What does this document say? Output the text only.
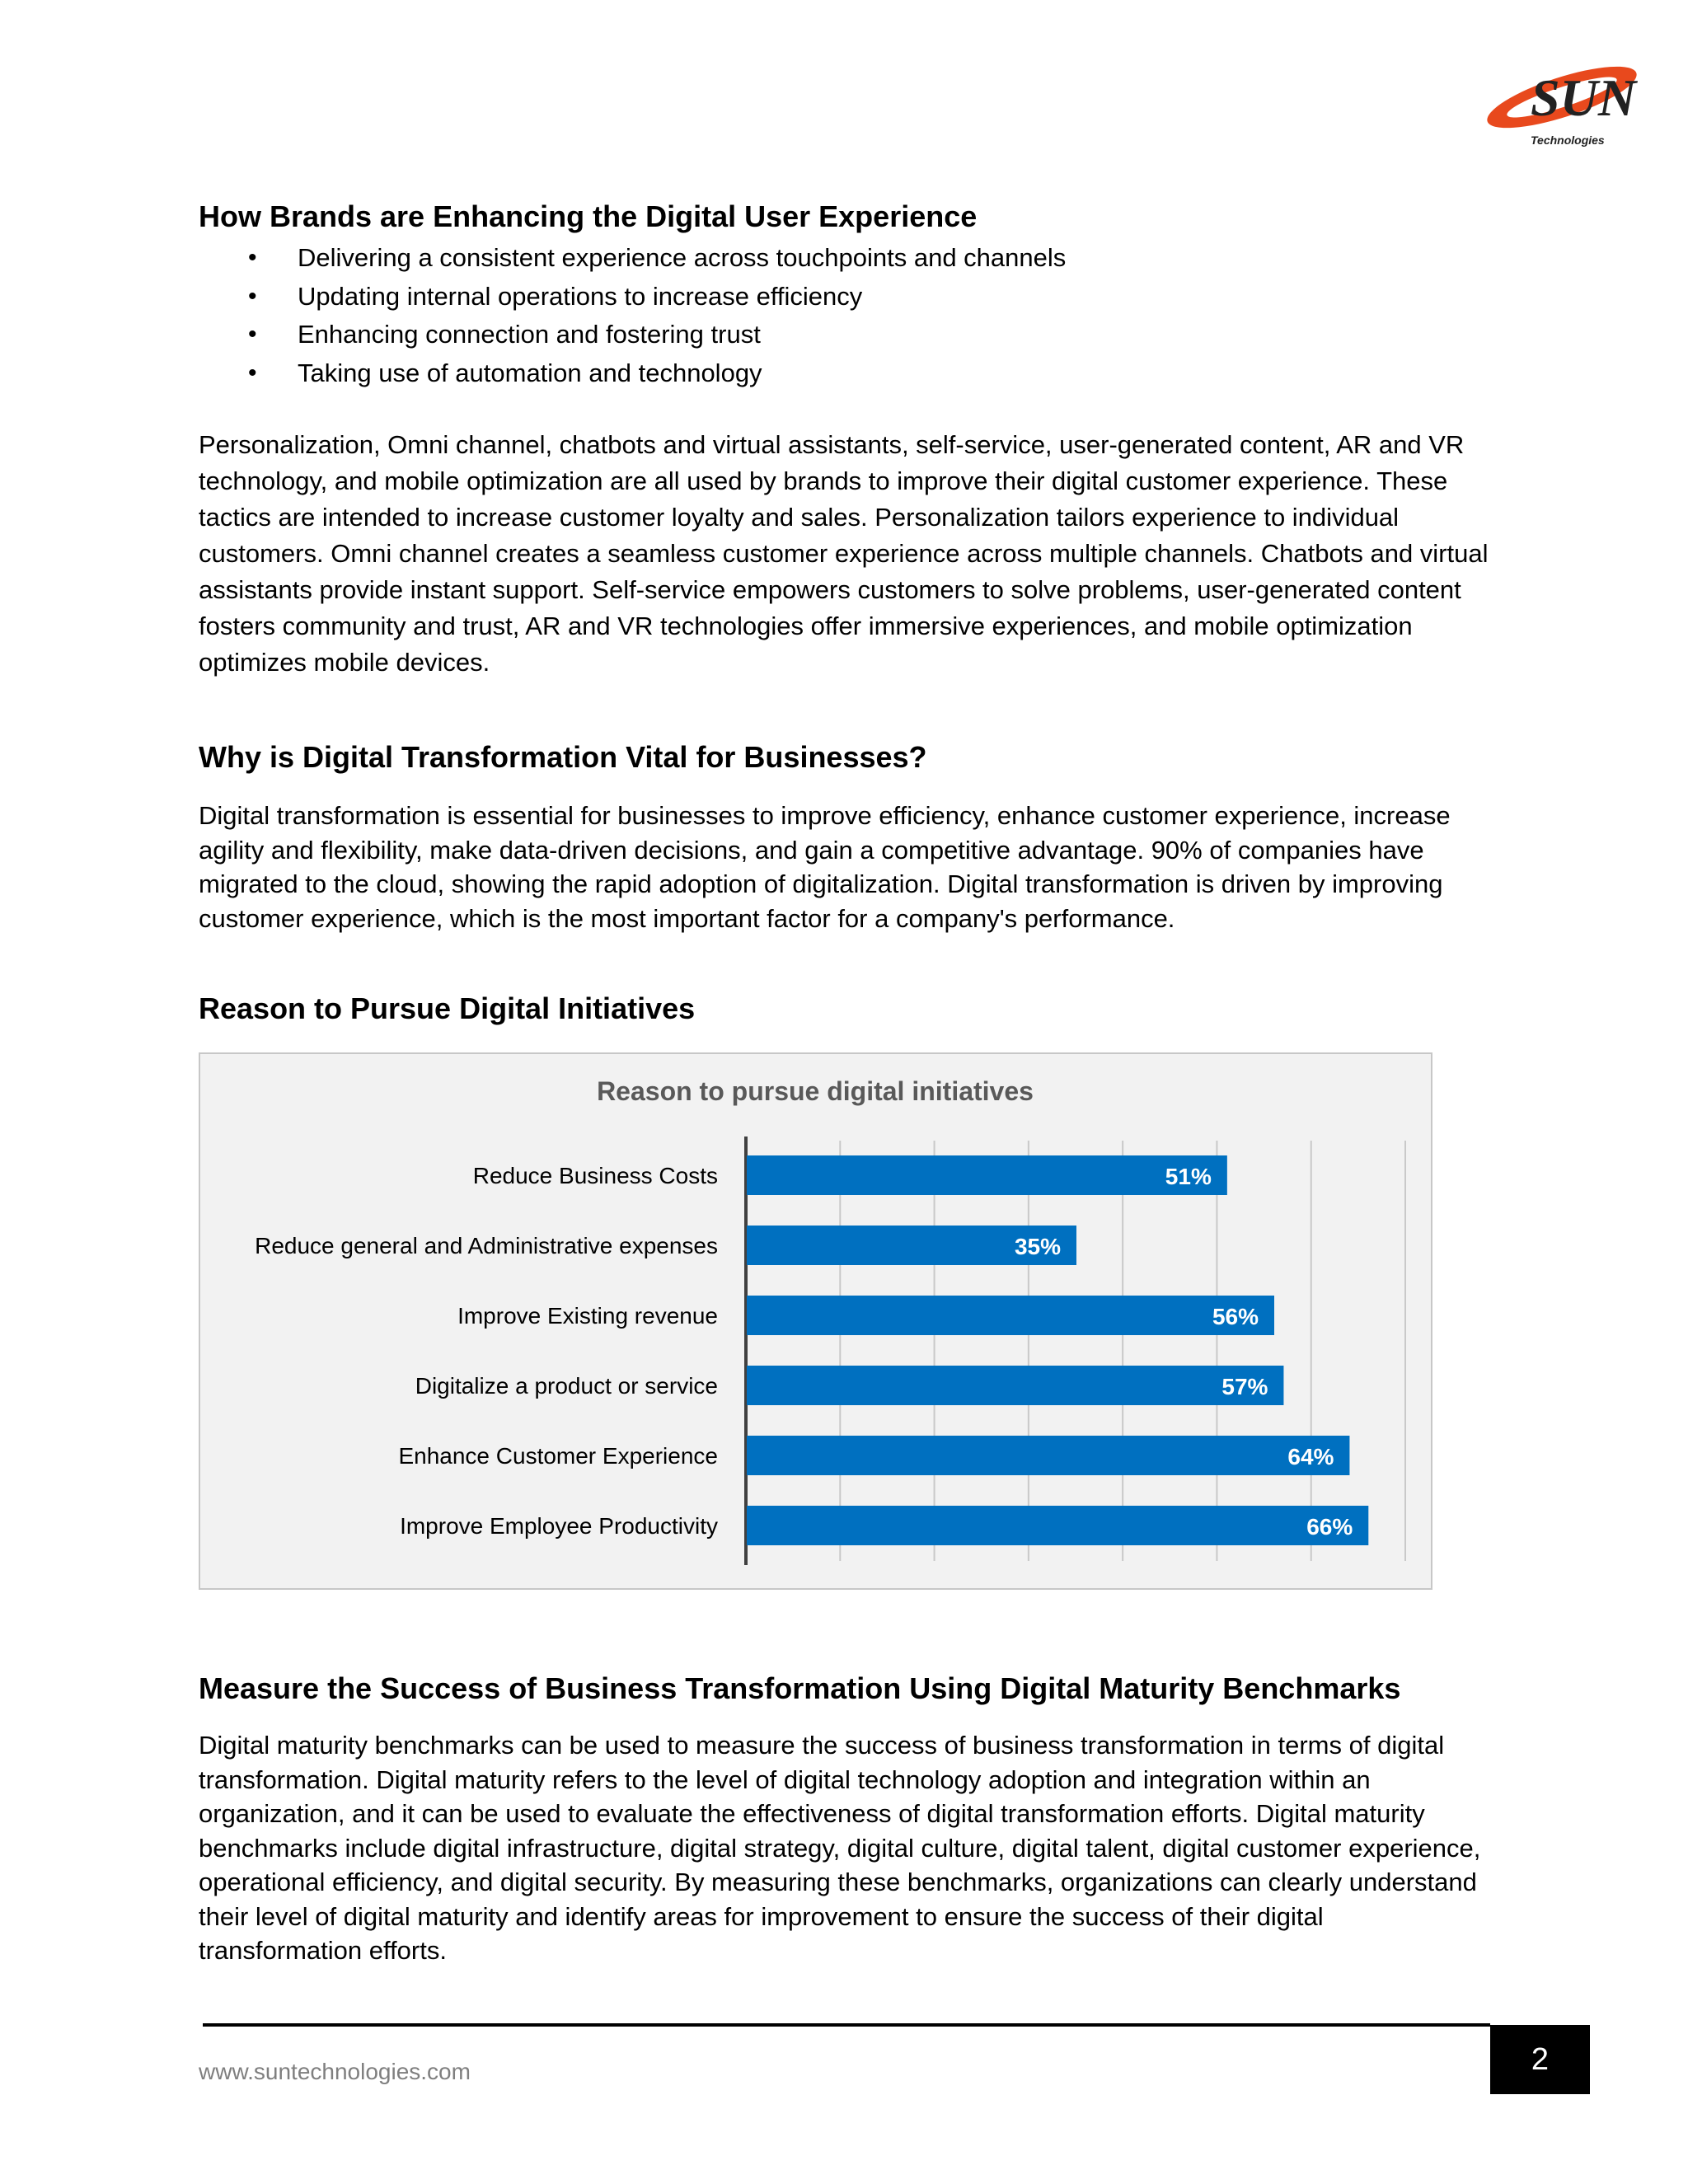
SUN
Technologies
How Brands are Enhancing the Digital User Experience
• Delivering a consistent experience across touchpoints and channels
• Updating internal operations to increase efficiency
• Enhancing connection and fostering trust
• Taking use of automation and technology

Personalization, Omni channel, chatbots and virtual assistants, self-service, user-generated content, AR and VR technology, and mobile optimization are all used by brands to improve their digital customer experience. These tactics are intended to increase customer loyalty and sales. Personalization tailors experience to individual customers. Omni channel creates a seamless customer experience across multiple channels. Chatbots and virtual assistants provide instant support. Self-service empowers customers to solve problems, user-generated content fosters community and trust, AR and VR technologies offer immersive experiences, and mobile optimization optimizes mobile devices.

Why is Digital Transformation Vital for Businesses?

Digital transformation is essential for businesses to improve efficiency, enhance customer experience, increase agility and flexibility, make data-driven decisions, and gain a competitive advantage. 90% of companies have migrated to the cloud, showing the rapid adoption of digitalization. Digital transformation is driven by improving customer experience, which is the most important factor for a company's performance.

Reason to Pursue Digital Initiatives
Reason to pursue digital initiatives
51%
Reduce Business Costs
35%
Reduce general and Administrative expenses
56%
Improve Existing revenue
57%
Digitalize a product or service
64%
Enhance Customer Experience
66%
Improve Employee Productivity
Measure the Success of Business Transformation Using Digital Maturity Benchmarks

Digital maturity benchmarks can be used to measure the success of business transformation in terms of digital transformation. Digital maturity refers to the level of digital technology adoption and integration within an organization, and it can be used to evaluate the effectiveness of digital transformation efforts. Digital maturity benchmarks include digital infrastructure, digital strategy, digital culture, digital talent, digital customer experience, operational efficiency, and digital security. By measuring these benchmarks, organizations can clearly understand their level of digital maturity and identify areas for improvement to ensure the success of their digital transformation efforts.

www.suntechnologies.com	2
